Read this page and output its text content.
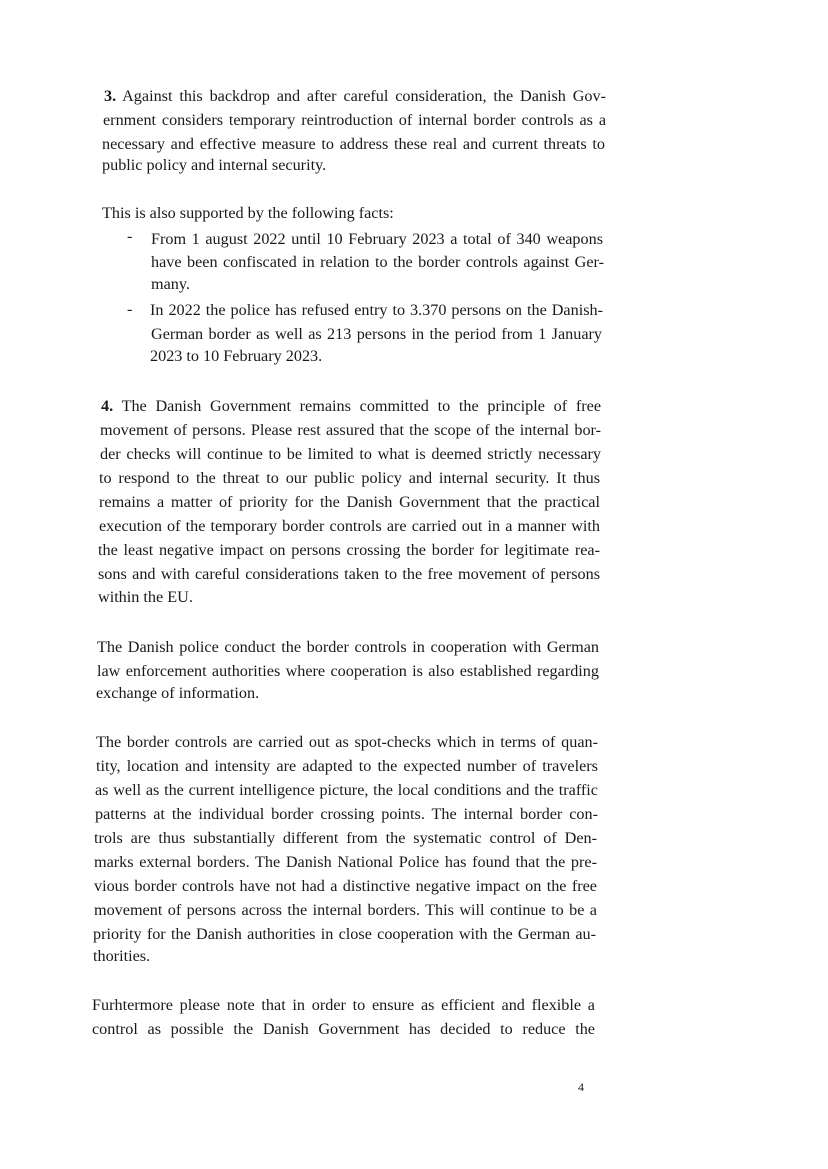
3. Against this backdrop and after careful consideration, the Danish Gov-
ernment considers temporary reintroduction of internal border controls as a
necessary and effective measure to address these real and current threats to
public policy and internal security.
This is also supported by the following facts:
- From 1 august 2022 until 10 February 2023 a total of 340 weapons
have been confiscated in relation to the border controls against Ger-
many.
- In 2022 the police has refused entry to 3.370 persons on the Danish-
German border as well as 213 persons in the period from 1 January
2023 to 10 February 2023.
4. The Danish Government remains committed to the principle of free
movement of persons. Please rest assured that the scope of the internal bor-
der checks will continue to be limited to what is deemed strictly necessary
to respond to the threat to our public policy and internal security. It thus
remains a matter of priority for the Danish Government that the practical
execution of the temporary border controls are carried out in a manner with
the least negative impact on persons crossing the border for legitimate rea-
sons and with careful considerations taken to the free movement of persons
within the EU.
The Danish police conduct the border controls in cooperation with German
law enforcement authorities where cooperation is also established regarding
exchange of information.
The border controls are carried out as spot-checks which in terms of quan-
tity, location and intensity are adapted to the expected number of travelers
as well as the current intelligence picture, the local conditions and the traffic
patterns at the individual border crossing points. The internal border con-
trols are thus substantially different from the systematic control of Den-
marks external borders. The Danish National Police has found that the pre-
vious border controls have not had a distinctive negative impact on the free
movement of persons across the internal borders. This will continue to be a
priority for the Danish authorities in close cooperation with the German au-
thorities.
Furhtermore please note that in order to ensure as efficient and flexible a
control as possible the Danish Government has decided to reduce the
4
